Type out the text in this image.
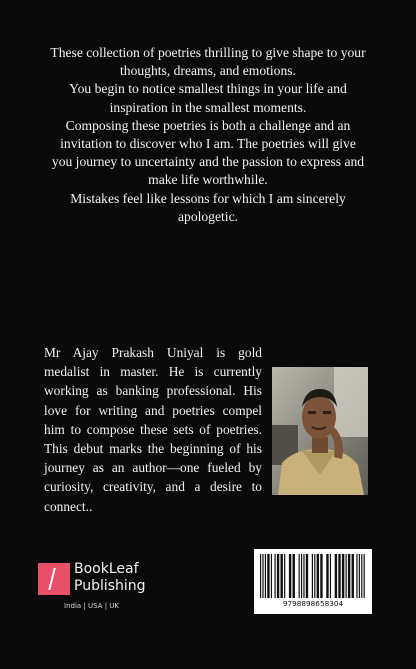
These collection of poetries thrilling to give shape to your

thoughts, dreams, and emotions.

You begin to notice smallest things in your life and

inspiration in the smallest moments.

Composing these poetries is both a challenge and an

invitation to discover who I am. The poetries will give

you journey to uncertainty and the passion to express and

make life worthwhile.

Mistakes feel like lessons for which I am sincerely

apologetic.

Mr Ajay Prakash Uniyal is gold medalist in master. He is currently working as banking professional. His love for writing and poetries compel him to compose these sets of poetries. This debut marks the beginning of his journey as an author—one fueled by curiosity, creativity, and a desire to connect..
BookLeaf
Publishing
India | USA | UK	9798898658304
